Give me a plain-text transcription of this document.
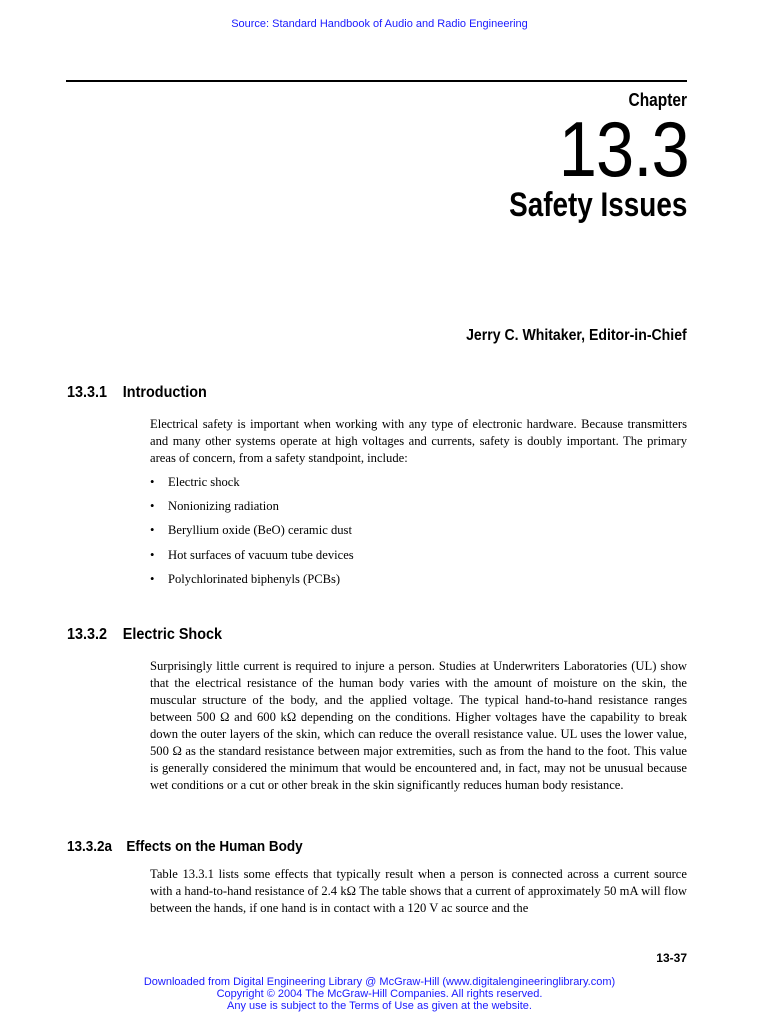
Source: Standard Handbook of Audio and Radio Engineering
Chapter
13.3
Safety Issues
Jerry C. Whitaker, Editor-in-Chief
13.3.1 Introduction

Electrical safety is important when working with any type of electronic hardware. Because transmitters and many other systems operate at high voltages and currents, safety is doubly important. The primary areas of concern, from a safety standpoint, include:

• Electric shock
• Nonionizing radiation
• Beryllium oxide (BeO) ceramic dust
• Hot surfaces of vacuum tube devices
• Polychlorinated biphenyls (PCBs)
13.3.2 Electric Shock

Surprisingly little current is required to injure a person. Studies at Underwriters Laboratories (UL) show that the electrical resistance of the human body varies with the amount of moisture on the skin, the muscular structure of the body, and the applied voltage. The typical hand-to-hand resistance ranges between 500 Ω and 600 kΩ depending on the conditions. Higher voltages have the capability to break down the outer layers of the skin, which can reduce the overall resistance value. UL uses the lower value, 500 Ω as the standard resistance between major extremities, such as from the hand to the foot. This value is generally considered the minimum that would be encountered and, in fact, may not be unusual because wet conditions or a cut or other break in the skin significantly reduces human body resistance.

13.3.2a Effects on the Human Body

Table 13.3.1 lists some effects that typically result when a person is connected across a current source with a hand-to-hand resistance of 2.4 kΩ The table shows that a current of approximately 50 mA will flow between the hands, if one hand is in contact with a 120 V ac source and the

13-37
Downloaded from Digital Engineering Library @ McGraw-Hill (www.digitalengineeringlibrary.com)
Copyright © 2004 The McGraw-Hill Companies. All rights reserved.
Any use is subject to the Terms of Use as given at the website.
